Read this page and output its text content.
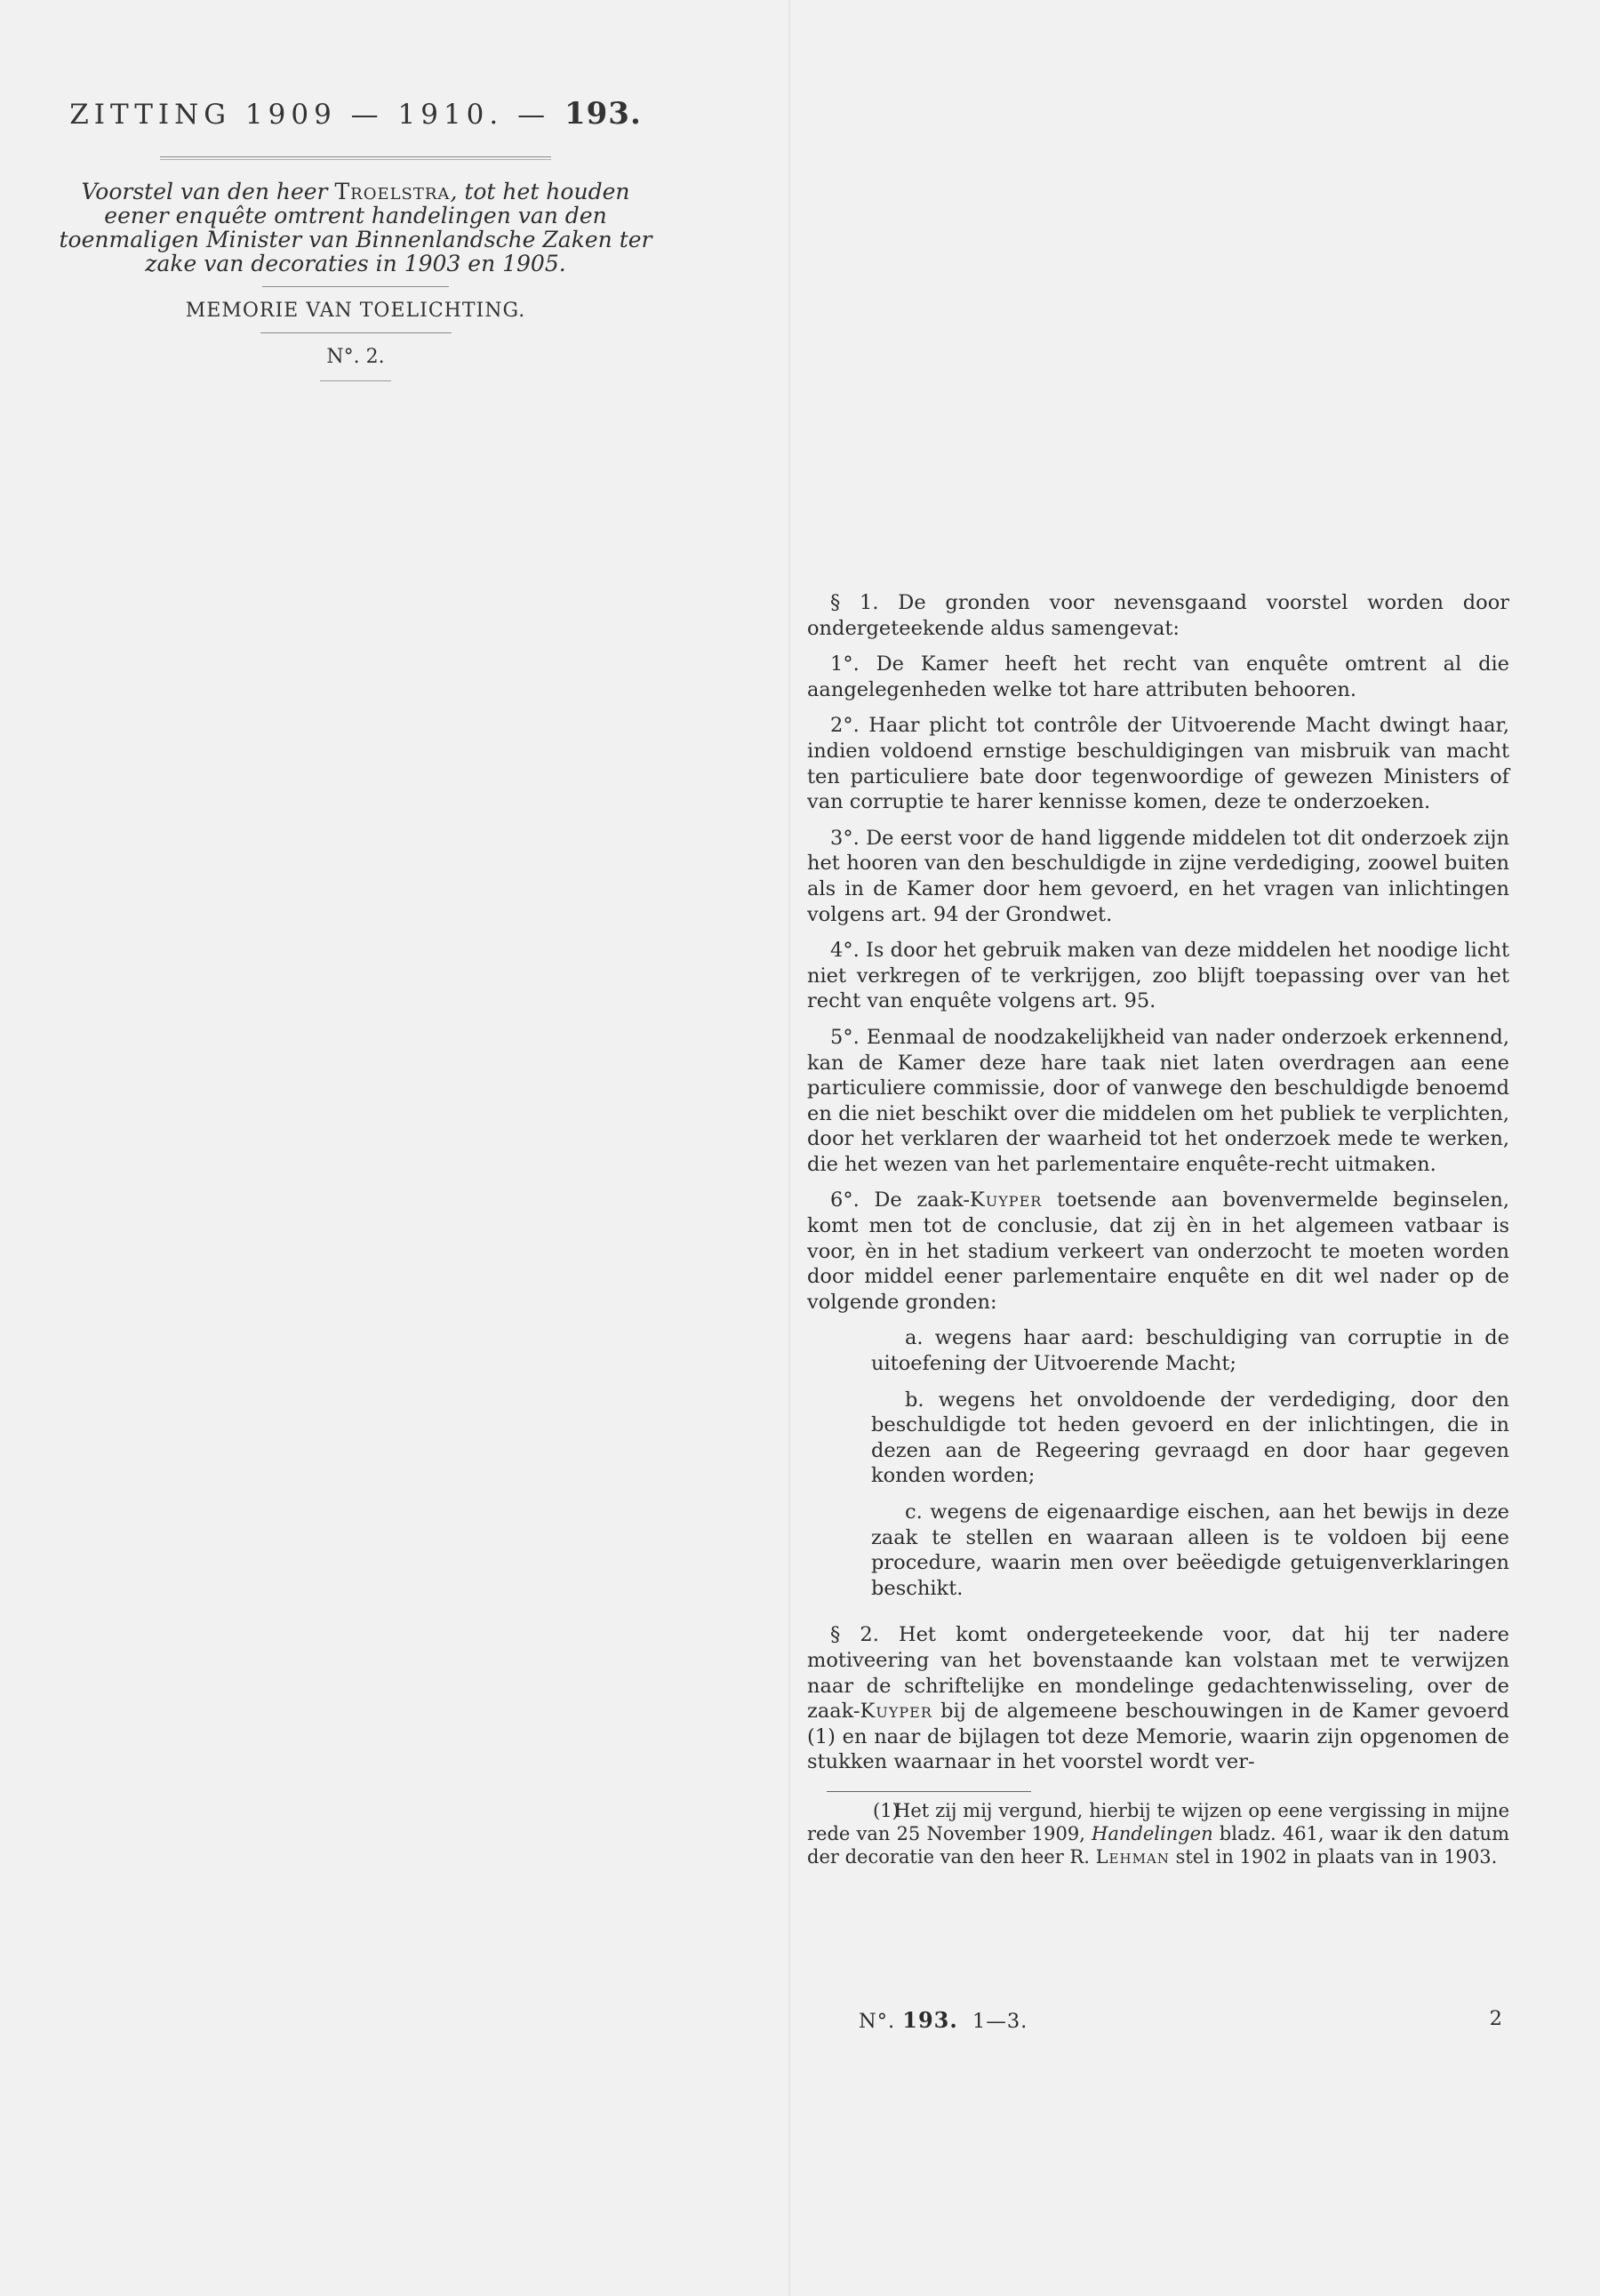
ZITTING 1909 — 1910. — 193.
Voorstel van den heer Troelstra, tot het houden eener enquête omtrent handelingen van den toenmaligen Minister van Binnenlandsche Zaken ter zake van decoraties in 1903 en 1905.
MEMORIE VAN TOELICHTING.
N°. 2.

§ 1. De gronden voor nevensgaand voorstel worden door ondergeteekende aldus samengevat:

1°. De Kamer heeft het recht van enquête omtrent al die aangelegenheden welke tot hare attributen behooren.

2°. Haar plicht tot contrôle der Uitvoerende Macht dwingt haar, indien voldoend ernstige beschuldigingen van misbruik van macht ten particuliere bate door tegenwoordige of gewezen Ministers of van corruptie te harer kennisse komen, deze te onderzoeken.

3°. De eerst voor de hand liggende middelen tot dit onderzoek zijn het hooren van den beschuldigde in zijne verdediging, zoowel buiten als in de Kamer door hem gevoerd, en het vragen van inlichtingen volgens art. 94 der Grondwet.

4°. Is door het gebruik maken van deze middelen het noodige licht niet verkregen of te verkrijgen, zoo blijft toepassing over van het recht van enquête volgens art. 95.

5°. Eenmaal de noodzakelijkheid van nader onderzoek erkennend, kan de Kamer deze hare taak niet laten overdragen aan eene particuliere commissie, door of vanwege den beschuldigde benoemd en die niet beschikt over die middelen om het publiek te verplichten, door het verklaren der waarheid tot het onderzoek mede te werken, die het wezen van het parlementaire enquête-recht uitmaken.

6°. De zaak-Kuyper toetsende aan bovenvermelde beginselen, komt men tot de conclusie, dat zij èn in het algemeen vatbaar is voor, èn in het stadium verkeert van onderzocht te moeten worden door middel eener parlementaire enquête en dit wel nader op de volgende gronden:

a. wegens haar aard: beschuldiging van corruptie in de uitoefening der Uitvoerende Macht;

b. wegens het onvoldoende der verdediging, door den beschuldigde tot heden gevoerd en der inlichtingen, die in dezen aan de Regeering gevraagd en door haar gegeven konden worden;

c. wegens de eigenaardige eischen, aan het bewijs in deze zaak te stellen en waaraan alleen is te voldoen bij eene procedure, waarin men over beëedigde getuigenverklaringen beschikt.

§ 2. Het komt ondergeteekende voor, dat hij ter nadere motiveering van het bovenstaande kan volstaan met te verwijzen naar de schriftelijke en mondelinge gedachtenwisseling, over de zaak-Kuyper bij de algemeene beschouwingen in de Kamer gevoerd (1) en naar de bijlagen tot deze Memorie, waarin zijn opgenomen de stukken waarnaar in het voorstel wordt ver-

(1)Het zij mij vergund, hierbij te wijzen op eene vergissing in mijne rede van 25 November 1909, Handelingen bladz. 461, waar ik den datum der decoratie van den heer R. Lehman stel in 1902 in plaats van in 1903.

N°. 193. 1—3.	2
